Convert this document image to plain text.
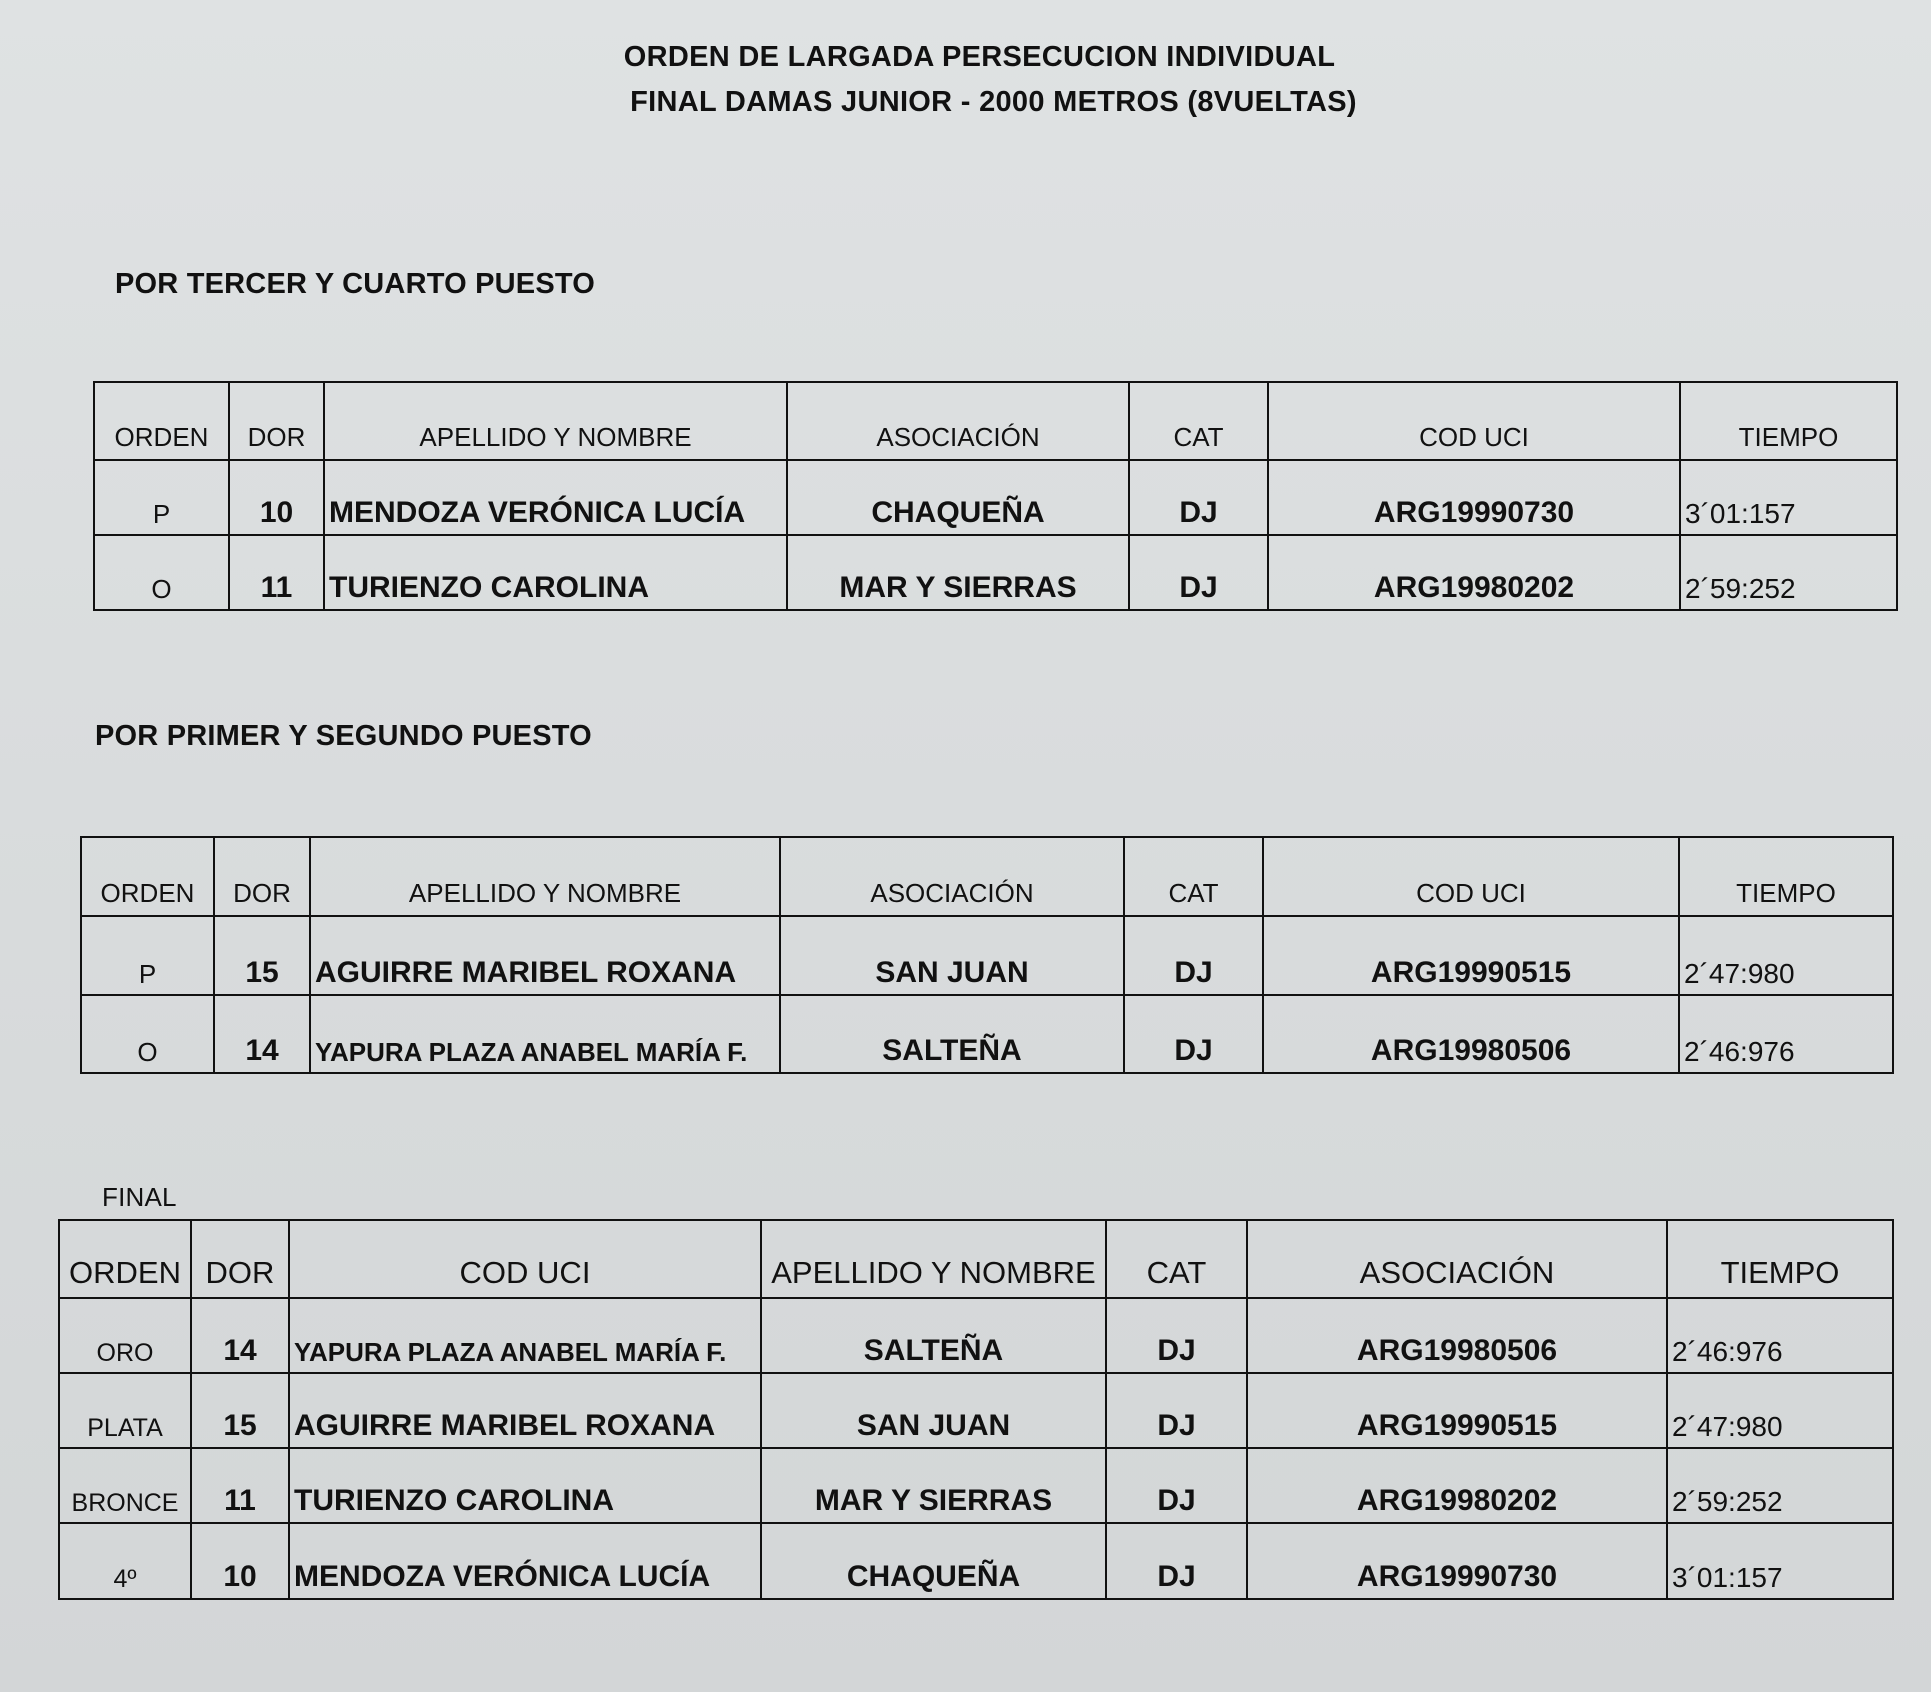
ORDEN DE LARGADA PERSECUCION INDIVIDUAL
FINAL DAMAS JUNIOR - 2000 METROS (8VUELTAS)
POR TERCER Y CUARTO PUESTO
ORDEN	DOR	APELLIDO Y NOMBRE	ASOCIACIÓN	CAT	COD UCI	TIEMPO
P	10	MENDOZA VERÓNICA LUCÍA	CHAQUEÑA	DJ	ARG19990730	3´01:157
O	11	TURIENZO CAROLINA	MAR Y SIERRAS	DJ	ARG19980202	2´59:252
POR PRIMER Y SEGUNDO PUESTO
ORDEN	DOR	APELLIDO Y NOMBRE	ASOCIACIÓN	CAT	COD UCI	TIEMPO
P	15	AGUIRRE MARIBEL ROXANA	SAN JUAN	DJ	ARG19990515	2´47:980
O	14	YAPURA PLAZA ANABEL MARÍA F.	SALTEÑA	DJ	ARG19980506	2´46:976
FINAL
ORDEN	DOR	COD UCI	APELLIDO Y NOMBRE	CAT	ASOCIACIÓN	TIEMPO
ORO	14	YAPURA PLAZA ANABEL MARÍA F.	SALTEÑA	DJ	ARG19980506	2´46:976
PLATA	15	AGUIRRE MARIBEL ROXANA	SAN JUAN	DJ	ARG19990515	2´47:980
BRONCE	11	TURIENZO CAROLINA	MAR Y SIERRAS	DJ	ARG19980202	2´59:252
4º	10	MENDOZA VERÓNICA LUCÍA	CHAQUEÑA	DJ	ARG19990730	3´01:157
